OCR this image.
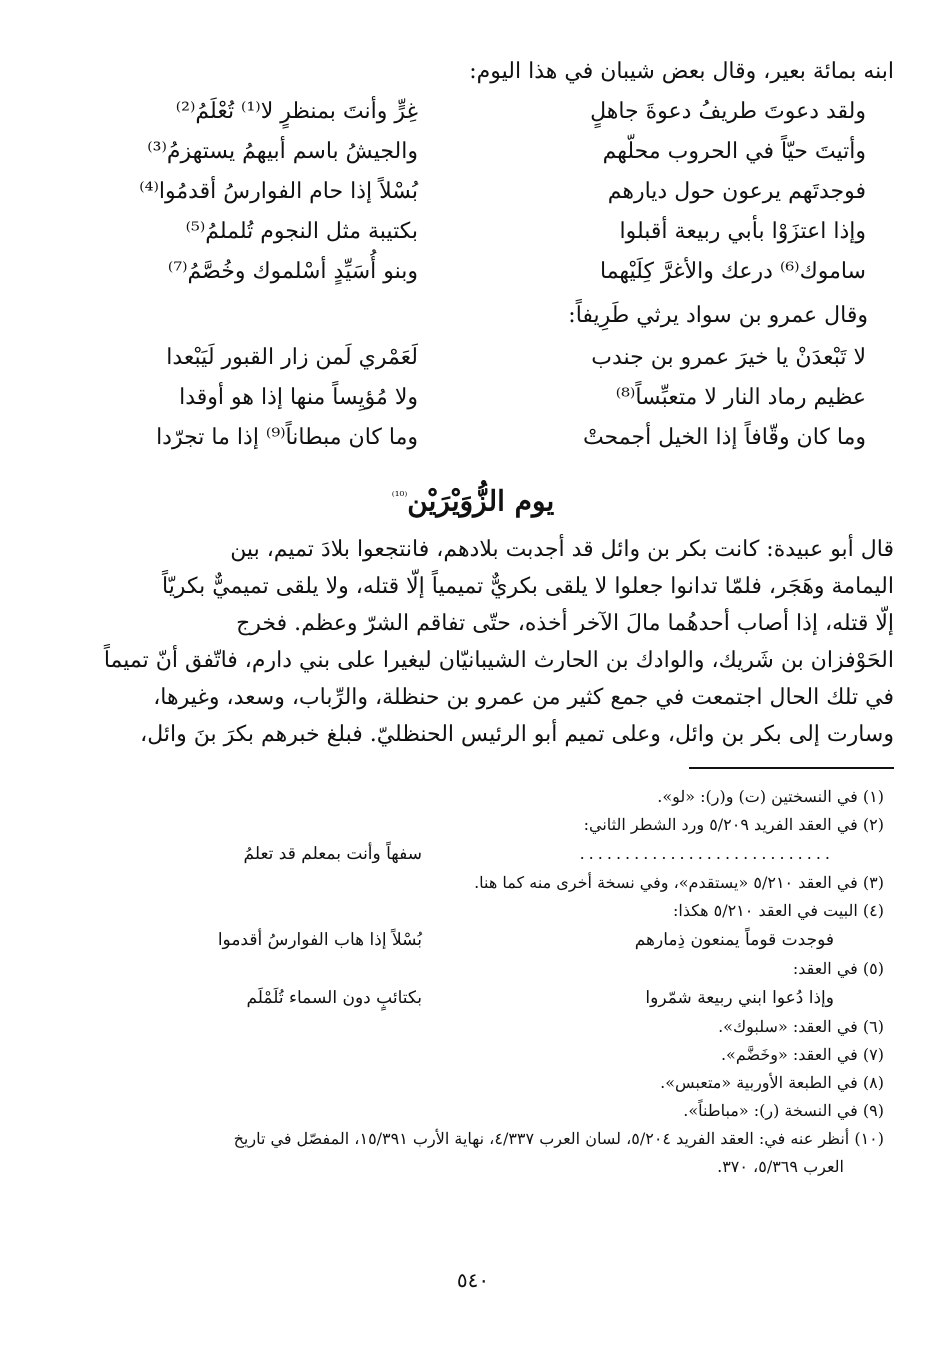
ابنه بمائة بعير، وقال بعض شيبان في هذا اليوم:
ولقد دعوتَ طريفُ دعوةَ جاهلٍ
غِرٍّ وأنتَ بمنظرٍ لا⁽¹⁾ تُعْلَمُ⁽²⁾
وأتيتَ حيّاً في الحروب محلّهم
والجيشُ باسم أبيهمُ يستهزمُ⁽³⁾
فوجدتَهم يرعون حول ديارهم
بُسْلاً إذا حام الفوارسُ أقدمُوا⁽⁴⁾
وإذا اعتزَوْا بأبي ربيعة أقبلوا
بكتيبة مثل النجوم تُلملمُ⁽⁵⁾
ساموك⁽⁶⁾ درعك والأغرَّ كِلَيْهما
وبنو أُسَيِّدٍ أسْلموك وخُصَّمُ⁽⁷⁾
وقال عمرو بن سواد يرثي طَرِيفاً:
لا تَبْعدَنْ يا خيرَ عمرو بن جندب
لَعَمْري لَمن زار القبور لَيَبْعدا
عظيم رماد النار لا متعبِّساً⁽⁸⁾
ولا مُؤيِساً منها إذا هو أوقدا
وما كان وقّافاً إذا الخيل أجمحتْ
وما كان مبطاناً⁽⁹⁾ إذا ما تجرّدا
يوم الزُّوَيْرَيْن$^{^{(10)}}$

قال أبو عبيدة: كانت بكر بن وائل قد أجدبت بلادهم، فانتجعوا بلادَ تميم، بين
اليمامة وهَجَر، فلمّا تدانوا جعلوا لا يلقى بكريٌّ تميمياً إلّا قتله، ولا يلقى تميميٌّ بكريّاً
إلّا قتله، إذا أصاب أحدهُما مالَ الآخر أخذه، حتّى تفاقم الشرّ وعظم. فخرج
الحَوْفزان بن شَريك، والوادك بن الحارث الشيبانيّان ليغيرا على بني دارم، فاتّفق أنّ تميماً
في تلك الحال اجتمعت في جمع كثير من عمرو بن حنظلة، والرِّباب، وسعد، وغيرها،
وسارت إلى بكر بن وائل، وعلى تميم أبو الرئيس الحنظليّ. فبلغ خبرهم بكرَ بنَ وائل،

(١) في النسختين (ت) و(ر): «لو».
(٢) في العقد الفريد ٥/٢٠٩ ورد الشطر الثاني:
............................
سفهاً وأنت بمعلم قد تعلمُ
(٣) في العقد ٥/٢١٠ «يستقدم»، وفي نسخة أخرى منه كما هنا.
(٤) البيت في العقد ٥/٢١٠ هكذا:
فوجدت قوماً يمنعون ذِمارهم
بُسْلاً إذا هاب الفوارسُ أقدموا
(٥) في العقد:
وإذا دُعوا ابني ربيعة شمّروا
بكتائبٍ دون السماء تُلَمْلَم
(٦) في العقد: «سلبوك».
(٧) في العقد: «وخَضَّم».
(٨) في الطبعة الأوربية «متعبس».
(٩) في النسخة (ر): «مباطناً».
(١٠) أنظر عنه في: العقد الفريد ٥/٢٠٤، لسان العرب ٤/٣٣٧، نهاية الأرب ١٥/٣٩١، المفصّل في تاريخ
العرب ٥/٣٦٩، ٣٧٠.
٥٤٠
